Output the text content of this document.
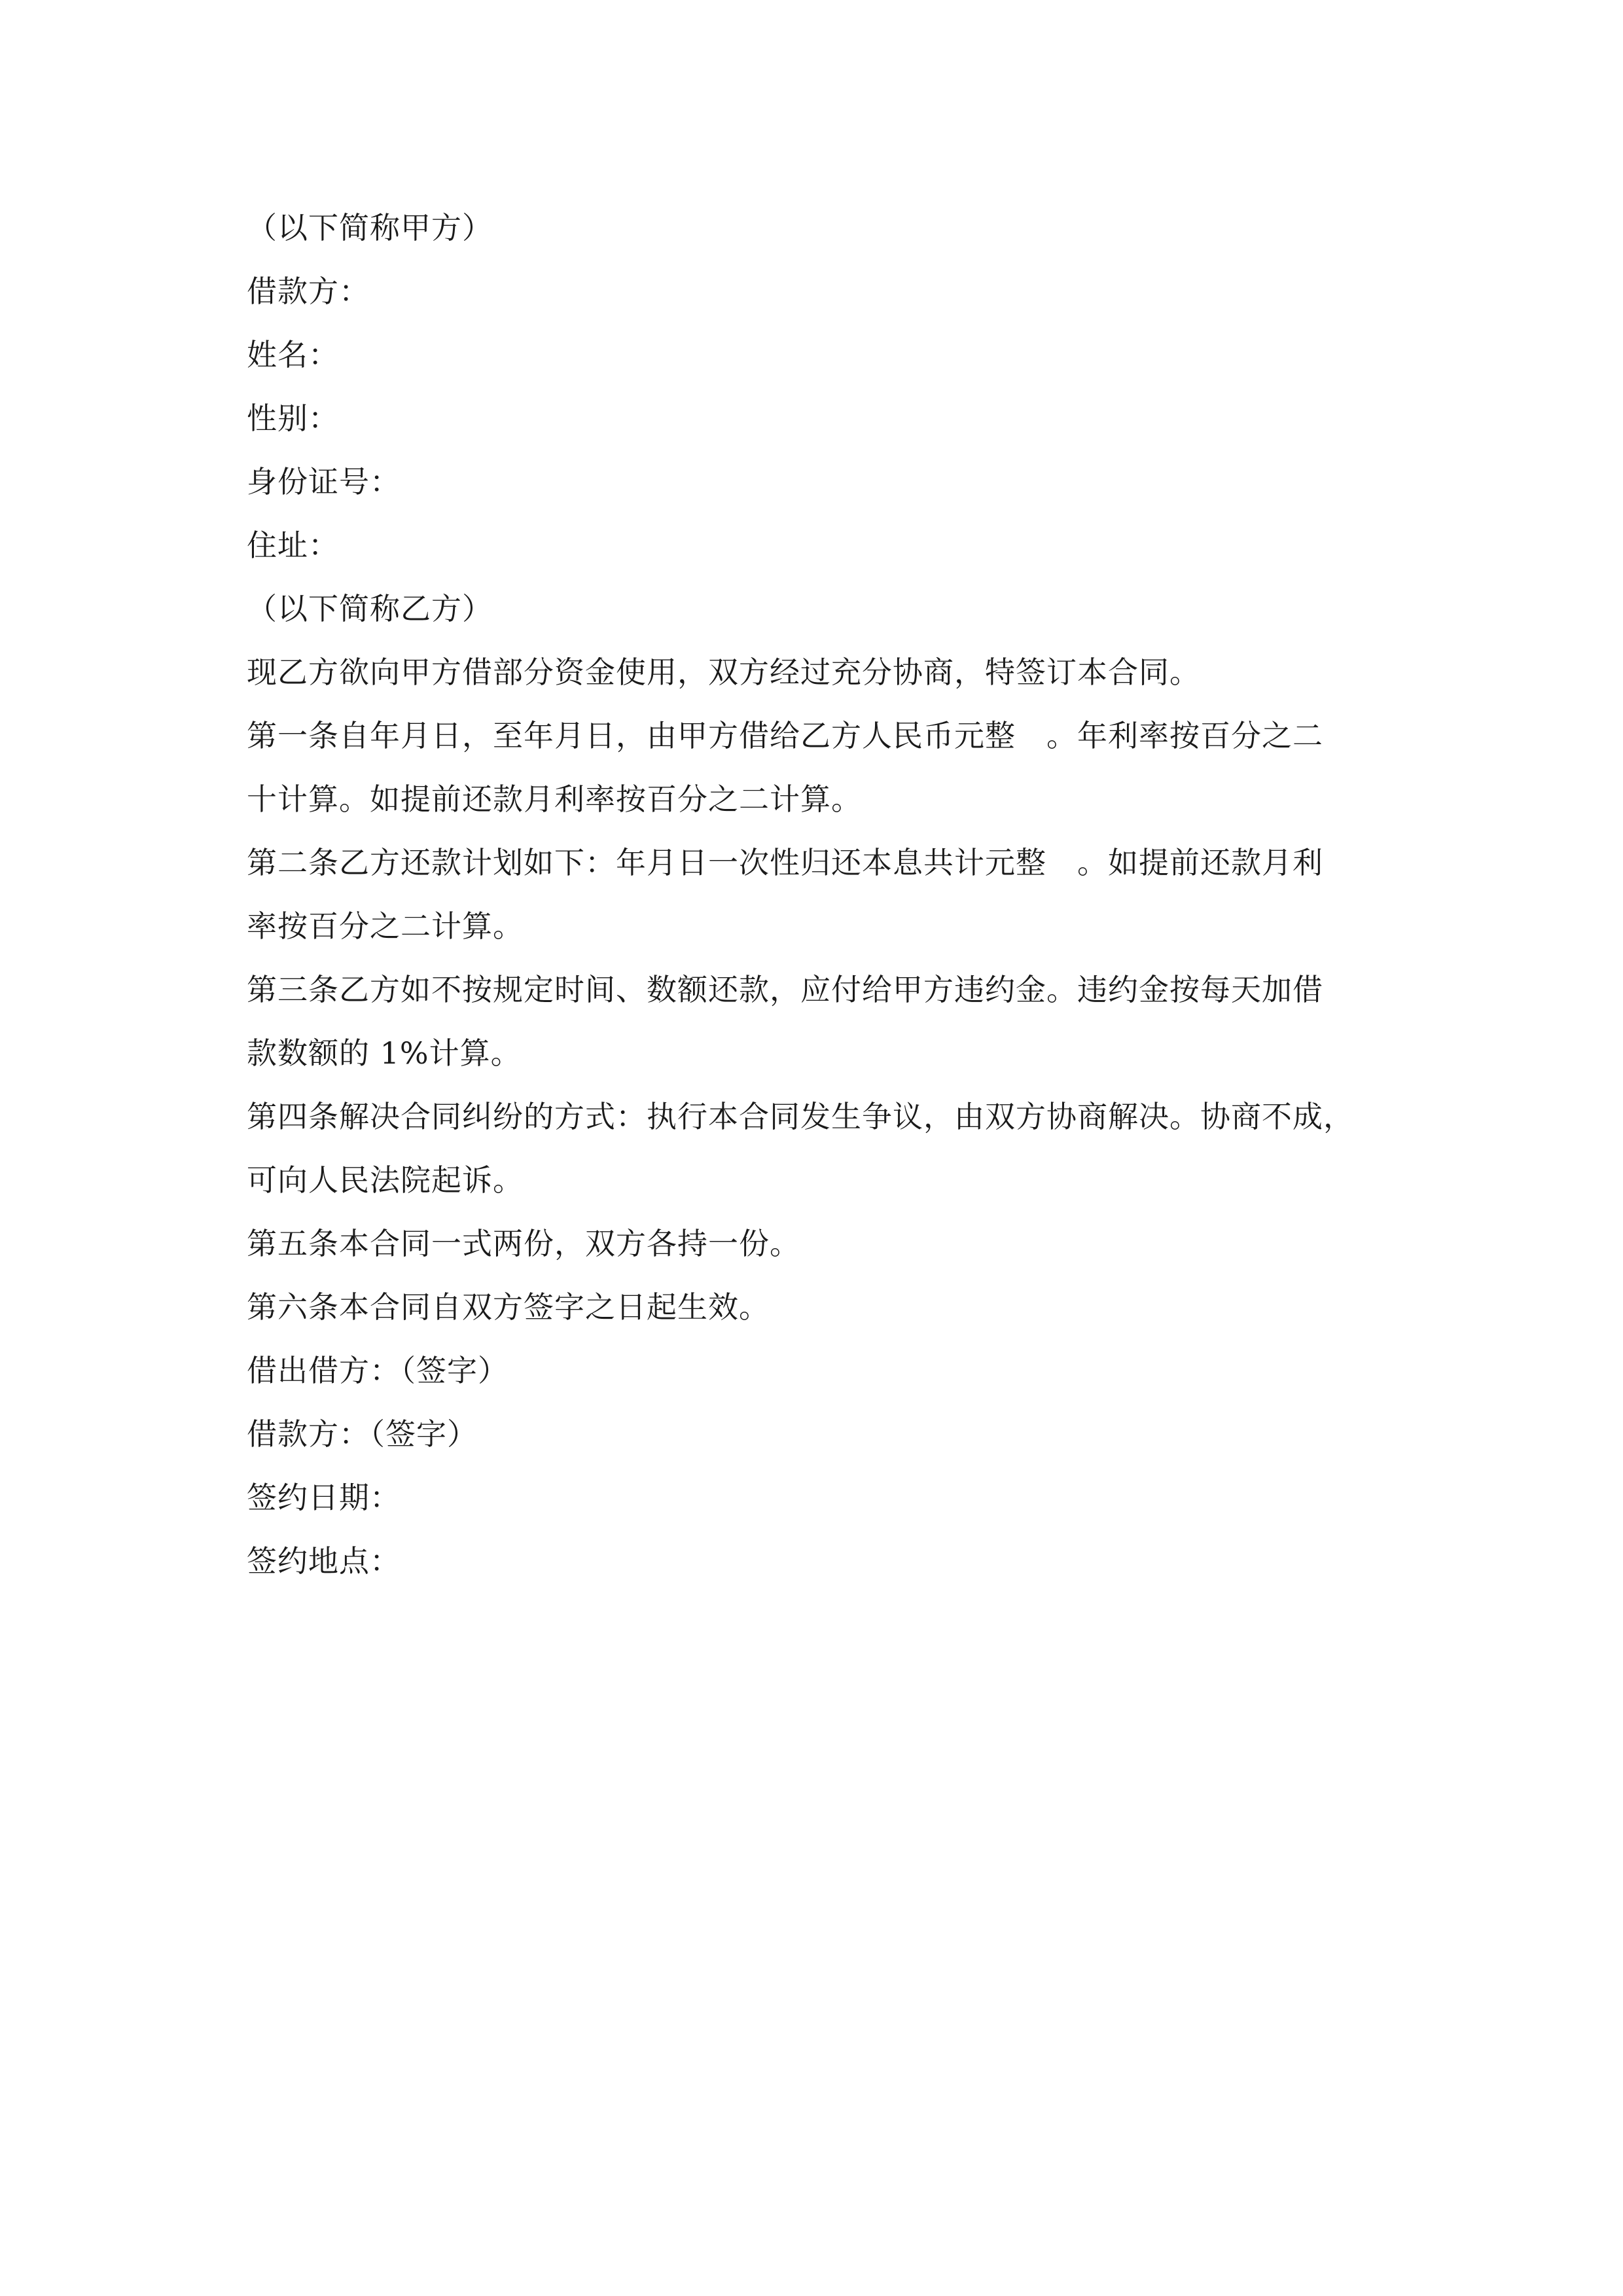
（以下简称甲方）
借款方：
姓名：
性别：
身份证号：
住址：
（以下简称乙方）
现乙方欲向甲方借部分资金使用，双方经过充分协商，特签订本合同。
第一条自年月日，至年月日，由甲方借给乙方人民币元整　。年利率按百分之二
十计算。如提前还款月利率按百分之二计算。
第二条乙方还款计划如下：年月日一次性归还本息共计元整　。如提前还款月利
率按百分之二计算。
第三条乙方如不按规定时间、数额还款，应付给甲方违约金。违约金按每天加借
款数额的 1%计算。
第四条解决合同纠纷的方式：执行本合同发生争议，由双方协商解决。协商不成，
可向人民法院起诉。
第五条本合同一式两份，双方各持一份。
第六条本合同自双方签字之日起生效。
借出借方：（签字）
借款方：（签字）
签约日期：
签约地点：
